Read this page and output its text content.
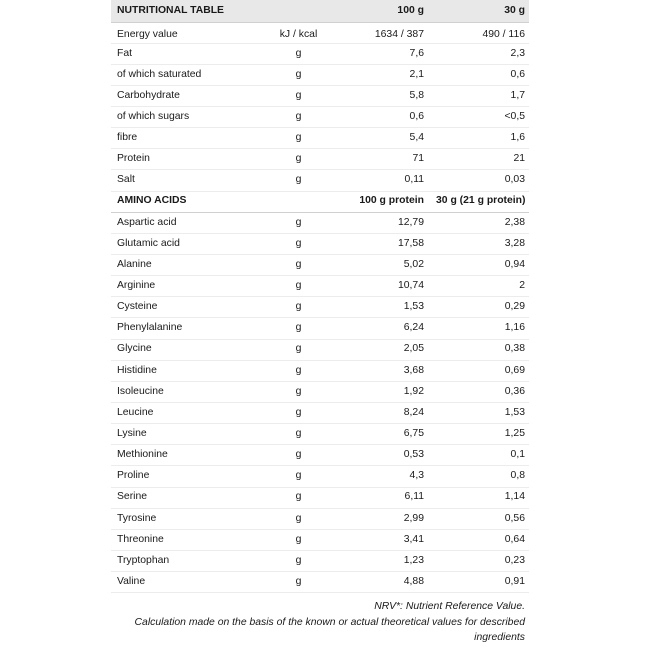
NUTRITIONAL TABLE		100 g	30 g
Energy value	kJ / kcal	1634 / 387	490 / 116
Fat	g	7,6	2,3
of which saturated	g	2,1	0,6
Carbohydrate	g	5,8	1,7
of which sugars	g	0,6	<0,5
fibre	g	5,4	1,6
Protein	g	71	21
Salt	g	0,11	0,03
AMINO ACIDS		100 g protein	30 g (21 g protein)
Aspartic acid	g	12,79	2,38
Glutamic acid	g	17,58	3,28
Alanine	g	5,02	0,94
Arginine	g	10,74	2
Cysteine	g	1,53	0,29
Phenylalanine	g	6,24	1,16
Glycine	g	2,05	0,38
Histidine	g	3,68	0,69
Isoleucine	g	1,92	0,36
Leucine	g	8,24	1,53
Lysine	g	6,75	1,25
Methionine	g	0,53	0,1
Proline	g	4,3	0,8
Serine	g	6,11	1,14
Tyrosine	g	2,99	0,56
Threonine	g	3,41	0,64
Tryptophan	g	1,23	0,23
Valine	g	4,88	0,91
NRV*: Nutrient Reference Value.
Calculation made on the basis of the known or actual theoretical values for described
ingredients
